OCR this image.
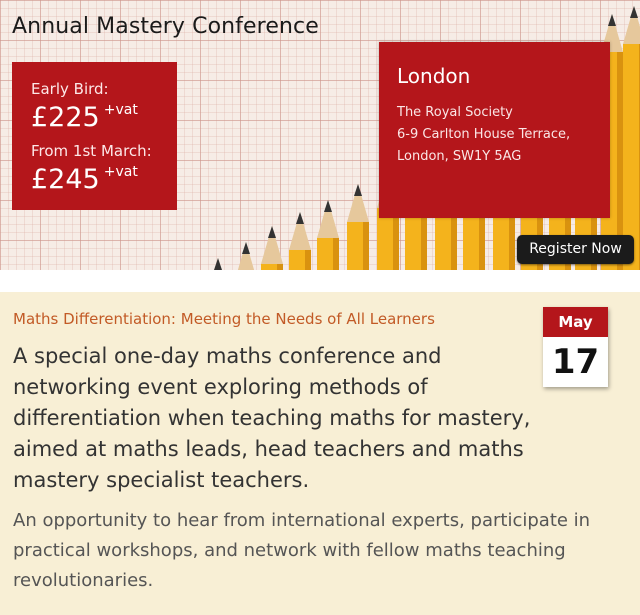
Annual Mastery Conference
Early Bird:
£225 +vat
From 1st March:
£245 +vat
London
The Royal Society
6-9 Carlton House Terrace,
London, SW1Y 5AG
Register Now
Maths Differentiation: Meeting the Needs of All Learners
A special one-day maths conference and networking event exploring methods of differentiation when teaching maths for mastery, aimed at maths leads, head teachers and maths mastery specialist teachers.
An opportunity to hear from international experts, participate in practical workshops, and network with fellow maths teaching revolutionaries.
May
17
